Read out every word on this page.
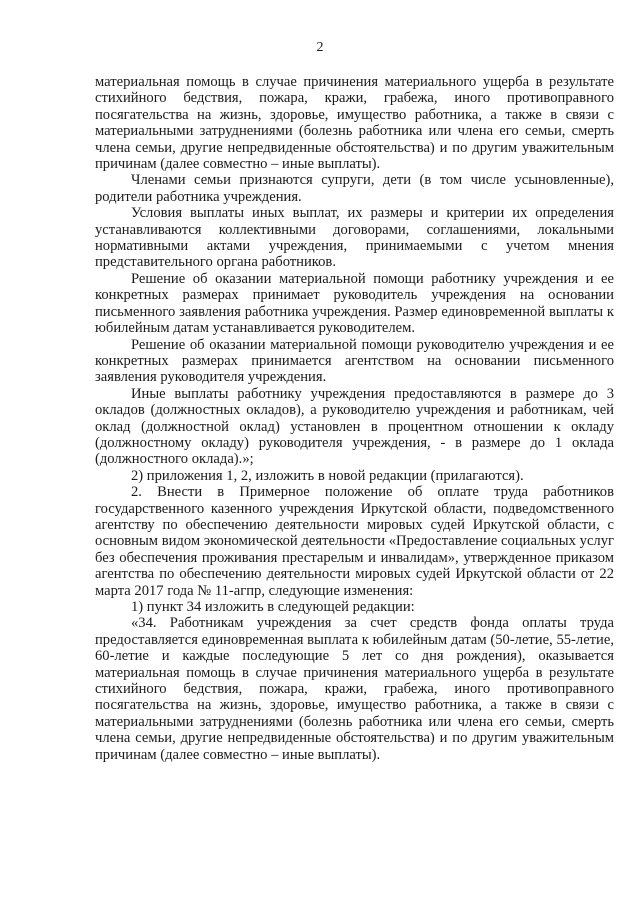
2

материальная помощь в случае причинения материального ущерба в результате стихийного бедствия, пожара, кражи, грабежа, иного противоправного посягательства на жизнь, здоровье, имущество работника, а также в связи с материальными затруднениями (болезнь работника или члена его семьи, смерть члена семьи, другие непредвиденные обстоятельства) и по другим уважительным причинам (далее совместно – иные выплаты).

Членами семьи признаются супруги, дети (в том числе усыновленные), родители работника учреждения.

Условия выплаты иных выплат, их размеры и критерии их определения устанавливаются коллективными договорами, соглашениями, локальными нормативными актами учреждения, принимаемыми с учетом мнения представительного органа работников.

Решение об оказании материальной помощи работнику учреждения и ее конкретных размерах принимает руководитель учреждения на основании письменного заявления работника учреждения. Размер единовременной выплаты к юбилейным датам устанавливается руководителем.

Решение об оказании материальной помощи руководителю учреждения и ее конкретных размерах принимается агентством на основании письменного заявления руководителя учреждения.

Иные выплаты работнику учреждения предоставляются в размере до 3 окладов (должностных окладов), а руководителю учреждения и работникам, чей оклад (должностной оклад) установлен в процентном отношении к окладу (должностному окладу) руководителя учреждения, - в размере до 1 оклада (должностного оклада).»;

2) приложения 1, 2, изложить в новой редакции (прилагаются).

2. Внести в Примерное положение об оплате труда работников государственного казенного учреждения Иркутской области, подведомственного агентству по обеспечению деятельности мировых судей Иркутской области, с основным видом экономической деятельности «Предоставление социальных услуг без обеспечения проживания престарелым и инвалидам», утвержденное приказом агентства по обеспечению деятельности мировых судей Иркутской области от 22 марта 2017 года № 11-агпр, следующие изменения:

1) пункт 34 изложить в следующей редакции:

«34. Работникам учреждения за счет средств фонда оплаты труда предоставляется единовременная выплата к юбилейным датам (50-летие, 55-летие, 60-летие и каждые последующие 5 лет со дня рождения), оказывается материальная помощь в случае причинения материального ущерба в результате стихийного бедствия, пожара, кражи, грабежа, иного противоправного посягательства на жизнь, здоровье, имущество работника, а также в связи с материальными затруднениями (болезнь работника или члена его семьи, смерть члена семьи, другие непредвиденные обстоятельства) и по другим уважительным причинам (далее совместно – иные выплаты).
